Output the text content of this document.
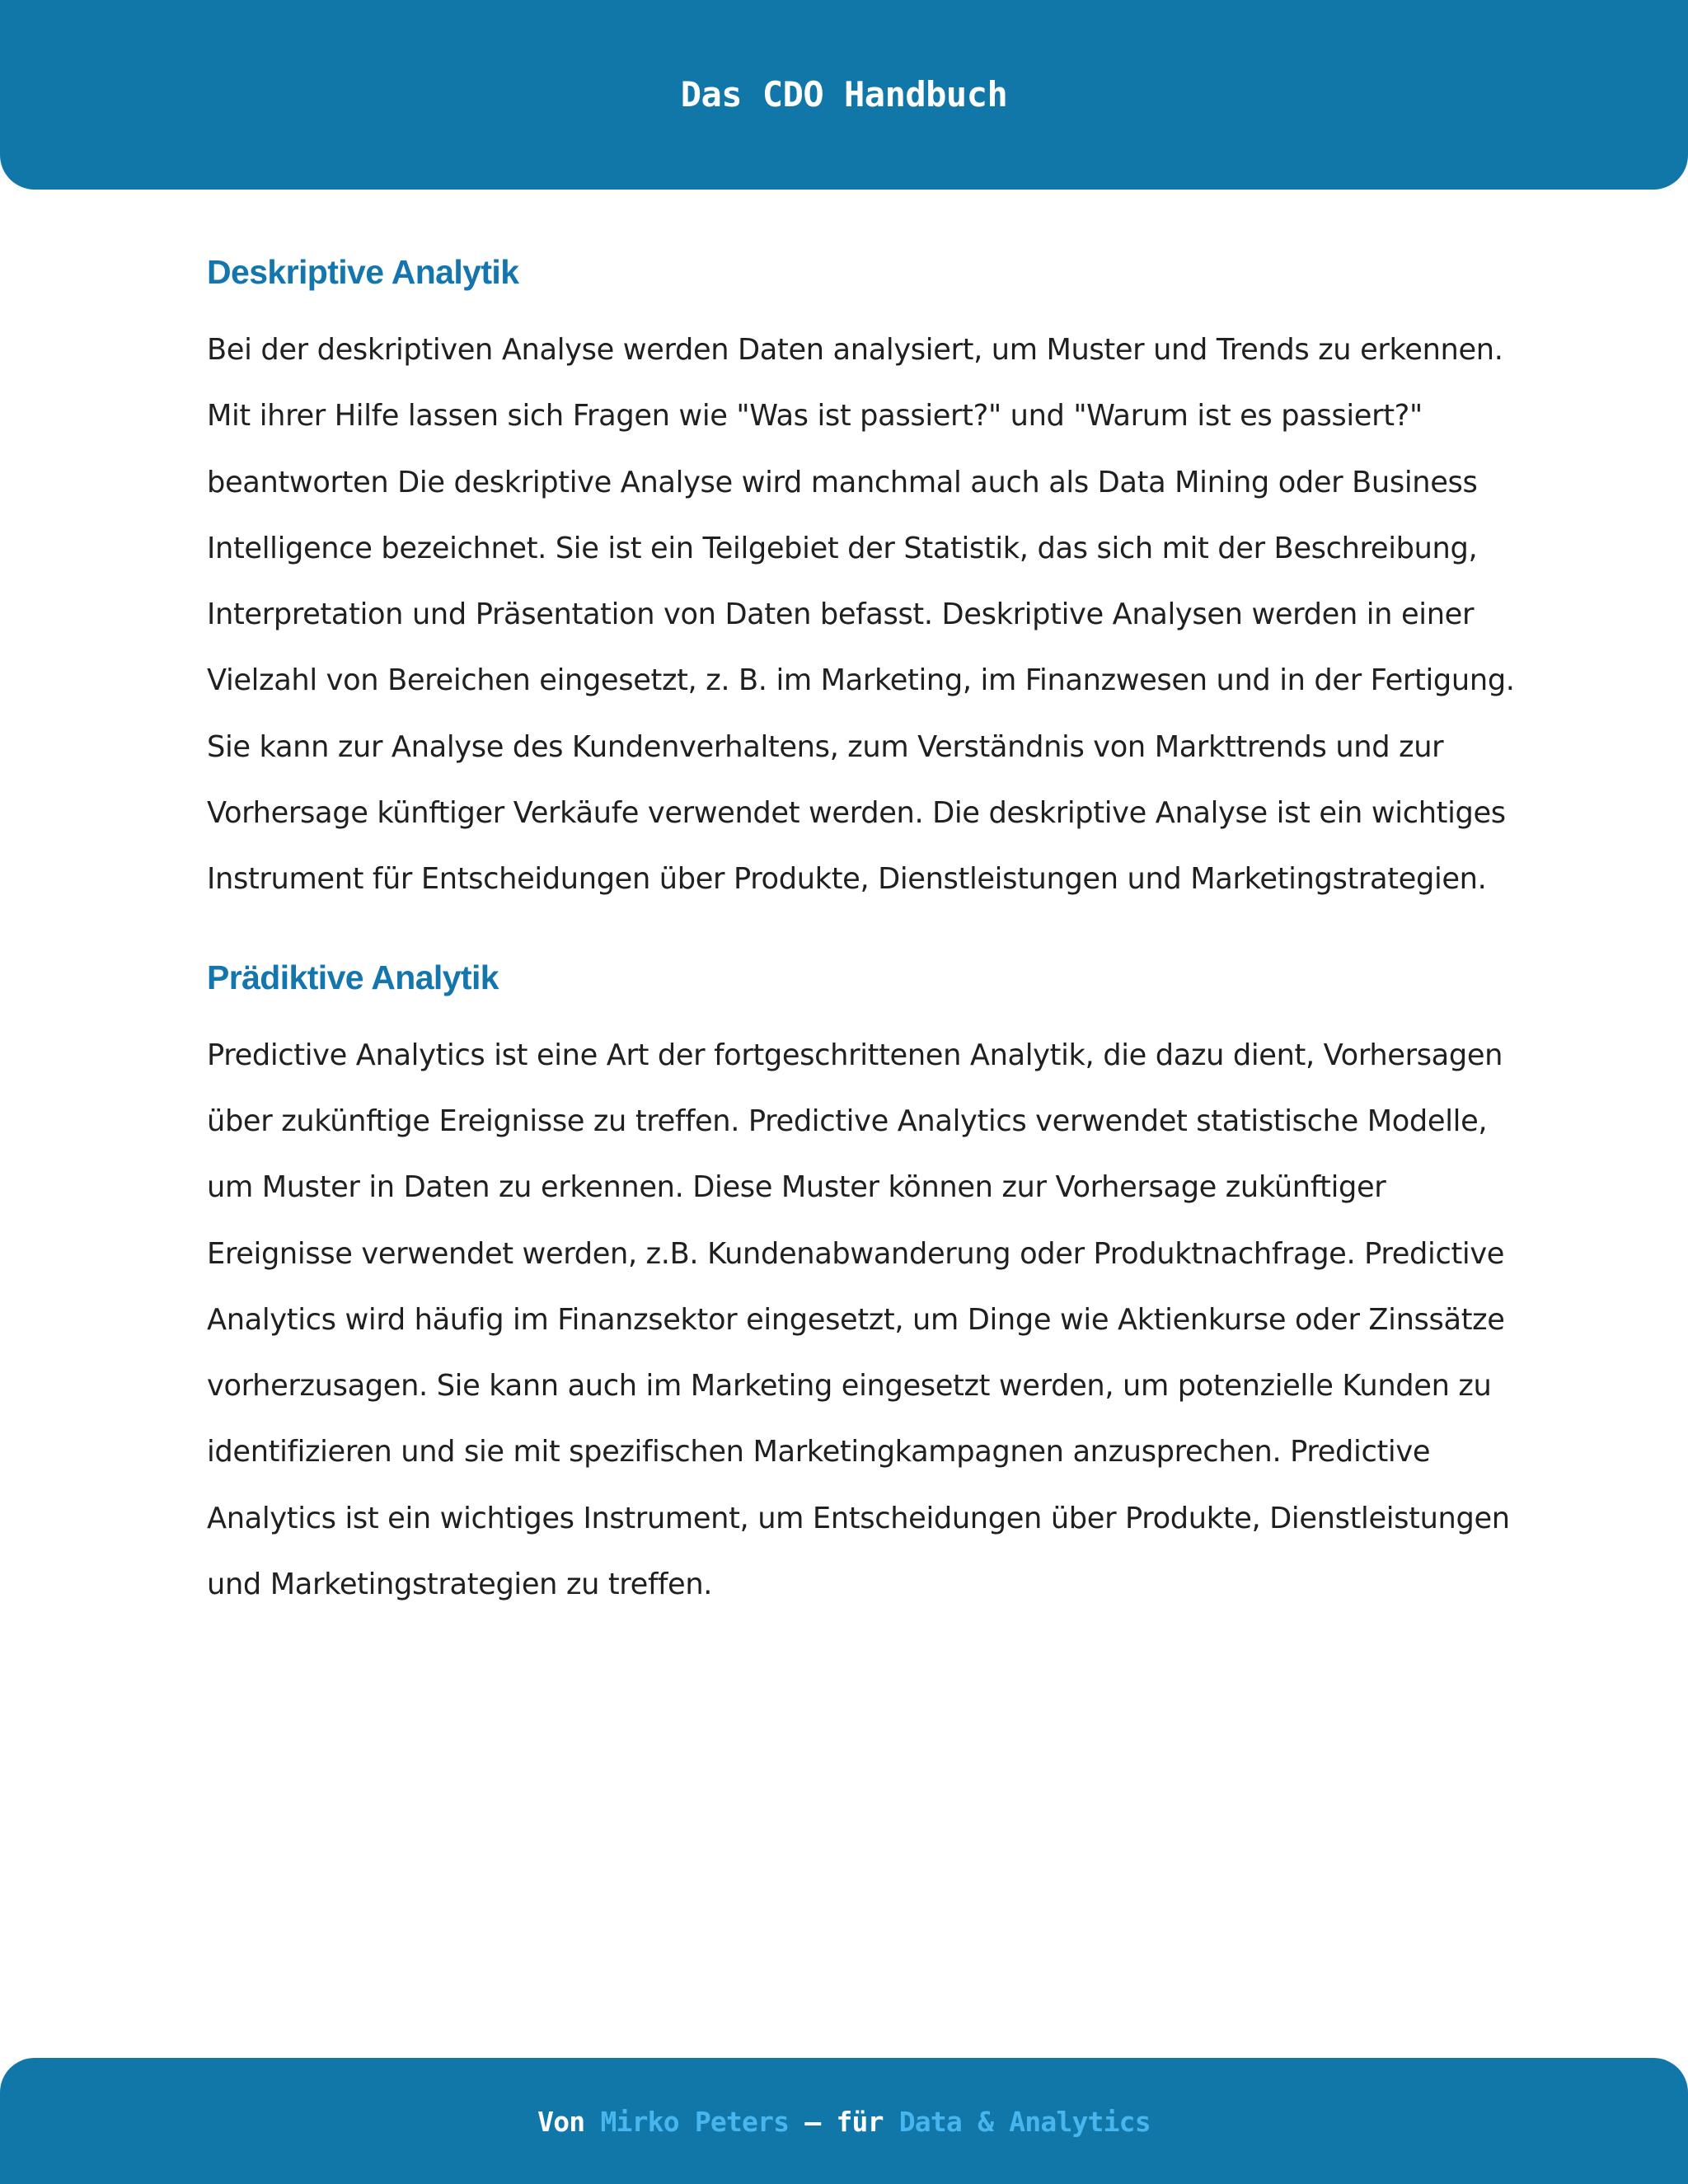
Das CDO Handbuch
Deskriptive Analytik

Bei der deskriptiven Analyse werden Daten analysiert, um Muster und Trends zu erkennen.
Mit ihrer Hilfe lassen sich Fragen wie "Was ist passiert?" und "Warum ist es passiert?"
beantworten Die deskriptive Analyse wird manchmal auch als Data Mining oder Business
Intelligence bezeichnet. Sie ist ein Teilgebiet der Statistik, das sich mit der Beschreibung,
Interpretation und Präsentation von Daten befasst. Deskriptive Analysen werden in einer
Vielzahl von Bereichen eingesetzt, z. B. im Marketing, im Finanzwesen und in der Fertigung.
Sie kann zur Analyse des Kundenverhaltens, zum Verständnis von Markttrends und zur
Vorhersage künftiger Verkäufe verwendet werden. Die deskriptive Analyse ist ein wichtiges
Instrument für Entscheidungen über Produkte, Dienstleistungen und Marketingstrategien.

Prädiktive Analytik

Predictive Analytics ist eine Art der fortgeschrittenen Analytik, die dazu dient, Vorhersagen
über zukünftige Ereignisse zu treffen. Predictive Analytics verwendet statistische Modelle,
um Muster in Daten zu erkennen. Diese Muster können zur Vorhersage zukünftiger
Ereignisse verwendet werden, z.B. Kundenabwanderung oder Produktnachfrage. Predictive
Analytics wird häufig im Finanzsektor eingesetzt, um Dinge wie Aktienkurse oder Zinssätze
vorherzusagen. Sie kann auch im Marketing eingesetzt werden, um potenzielle Kunden zu
identifizieren und sie mit spezifischen Marketingkampagnen anzusprechen. Predictive
Analytics ist ein wichtiges Instrument, um Entscheidungen über Produkte, Dienstleistungen
und Marketingstrategien zu treffen.

Von Mirko Peters – für Data & Analytics
